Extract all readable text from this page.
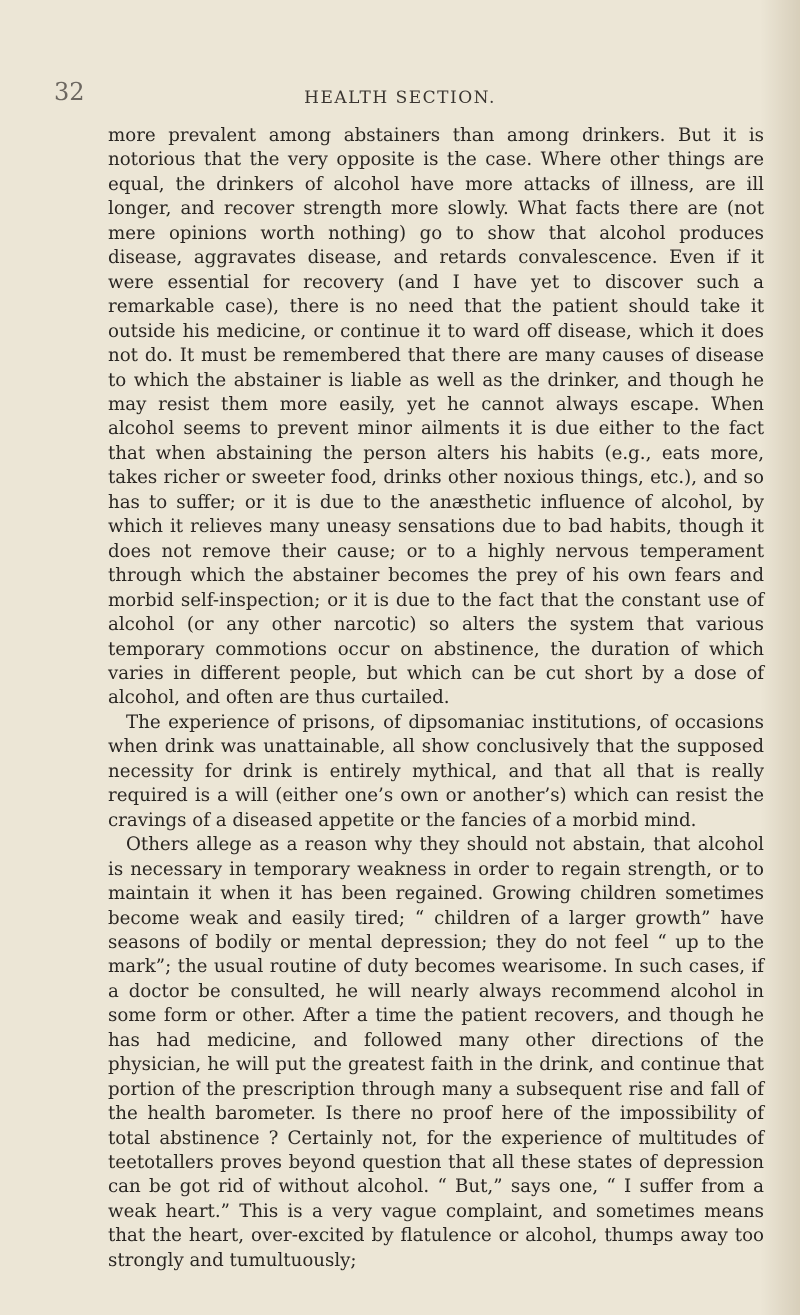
32	HEALTH SECTION.

more prevalent among abstainers than among drinkers. But it is notorious that the very opposite is the case. Where other things are equal, the drinkers of alcohol have more attacks of illness, are ill longer, and recover strength more slowly. What facts there are (not mere opinions worth nothing) go to show that alcohol produces disease, aggravates disease, and retards convalescence. Even if it were essential for recovery (and I have yet to discover such a remarkable case), there is no need that the patient should take it outside his medicine, or continue it to ward off disease, which it does not do. It must be remembered that there are many causes of disease to which the abstainer is liable as well as the drinker, and though he may resist them more easily, yet he cannot always escape. When alcohol seems to prevent minor ailments it is due either to the fact that when abstaining the person alters his habits (e.g., eats more, takes richer or sweeter food, drinks other noxious things, etc.), and so has to suffer; or it is due to the anæsthetic influence of alcohol, by which it relieves many uneasy sensations due to bad habits, though it does not remove their cause; or to a highly nervous temperament through which the abstainer becomes the prey of his own fears and morbid self-inspection; or it is due to the fact that the constant use of alcohol (or any other narcotic) so alters the system that various temporary commotions occur on abstinence, the duration of which varies in different people, but which can be cut short by a dose of alcohol, and often are thus curtailed.

The experience of prisons, of dipsomaniac institutions, of occasions when drink was unattainable, all show conclusively that the supposed necessity for drink is entirely mythical, and that all that is really required is a will (either one’s own or another’s) which can resist the cravings of a diseased appetite or the fancies of a morbid mind.

Others allege as a reason why they should not abstain, that alcohol is necessary in temporary weakness in order to regain strength, or to maintain it when it has been regained. Growing children sometimes become weak and easily tired; “ children of a larger growth” have seasons of bodily or mental depression; they do not feel “ up to the mark”; the usual routine of duty becomes wearisome. In such cases, if a doctor be consulted, he will nearly always recommend alcohol in some form or other. After a time the patient recovers, and though he has had medicine, and followed many other directions of the physician, he will put the greatest faith in the drink, and continue that portion of the prescription through many a subsequent rise and fall of the health barometer. Is there no proof here of the impossibility of total abstinence ? Certainly not, for the experience of multitudes of teetotallers proves beyond question that all these states of depression can be got rid of without alcohol. “ But,” says one, “ I suffer from a weak heart.” This is a very vague complaint, and sometimes means that the heart, over-excited by flatulence or alcohol, thumps away too strongly and tumultuously;
